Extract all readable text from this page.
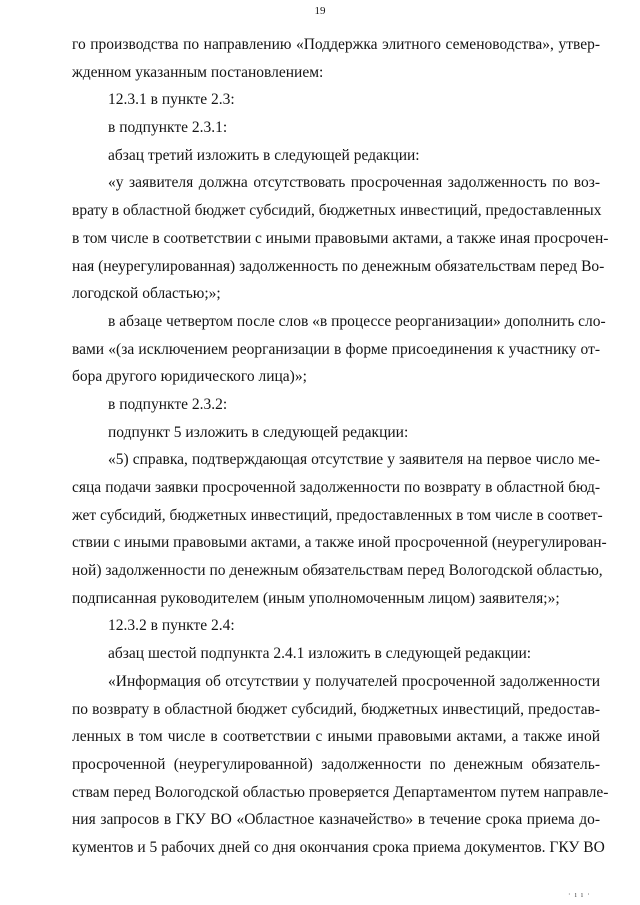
19
го производства по направлению «Поддержка элитного семеноводства», утвер-
жденном указанным постановлением:
12.3.1 в пункте 2.3:
в подпункте 2.3.1:
абзац третий изложить в следующей редакции:
«у заявителя должна отсутствовать просроченная задолженность по воз-
врату в областной бюджет субсидий, бюджетных инвестиций, предоставленных
в том числе в соответствии с иными правовыми актами, а также иная просрочен-
ная (неурегулированная) задолженность по денежным обязательствам перед Во-
логодской областью;»;
в абзаце четвертом после слов «в процессе реорганизации» дополнить сло-
вами «(за исключением реорганизации в форме присоединения к участнику от-
бора другого юридического лица)»;
в подпункте 2.3.2:
подпункт 5 изложить в следующей редакции:
«5) справка, подтверждающая отсутствие у заявителя на первое число ме-
сяца подачи заявки просроченной задолженности по возврату в областной бюд-
жет субсидий, бюджетных инвестиций, предоставленных в том числе в соответ-
ствии с иными правовыми актами, а также иной просроченной (неурегулирован-
ной) задолженности по денежным обязательствам перед Вологодской областью,
подписанная руководителем (иным уполномоченным лицом) заявителя;»;
12.3.2 в пункте 2.4:
абзац шестой подпункта 2.4.1 изложить в следующей редакции:
«Информация об отсутствии у получателей просроченной задолженности
по возврату в областной бюджет субсидий, бюджетных инвестиций, предостав-
ленных в том числе в соответствии с иными правовыми актами, а также иной
просроченной (неурегулированной) задолженности по денежным обязатель-
ствам перед Вологодской областью проверяется Департаментом путем направле-
ния запросов в ГКУ ВО «Областное казначейство» в течение срока приема до-
кументов и 5 рабочих дней со дня окончания срока приема документов. ГКУ ВО
· ı ı ·
